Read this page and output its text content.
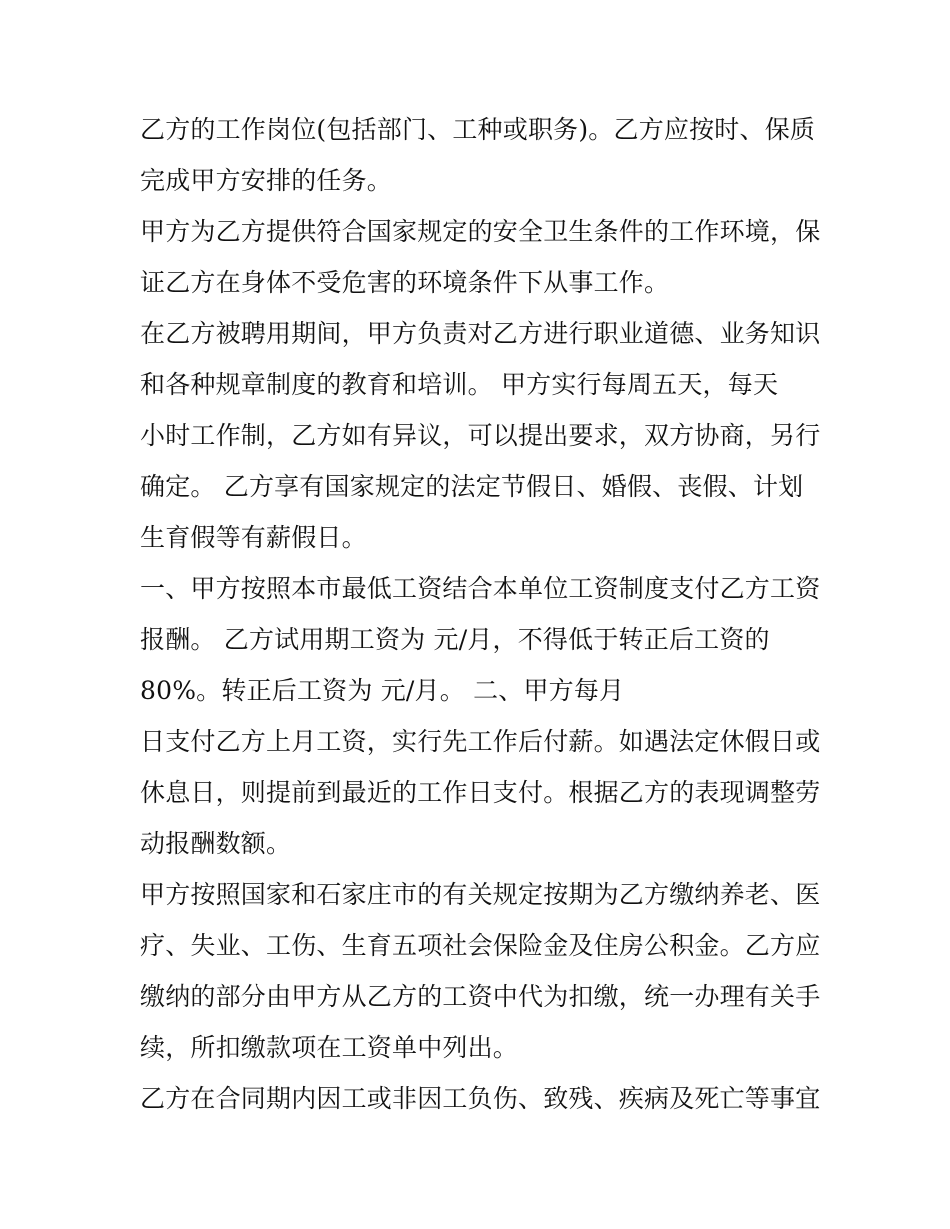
乙方的工作岗位(包括部门、工种或职务)。乙方应按时、保质
完成甲方安排的任务。
甲方为乙方提供符合国家规定的安全卫生条件的工作环境，保
证乙方在身体不受危害的环境条件下从事工作。
在乙方被聘用期间，甲方负责对乙方进行职业道德、业务知识
和各种规章制度的教育和培训。 甲方实行每周五天，每天
小时工作制，乙方如有异议，可以提出要求，双方协商，另行
确定。 乙方享有国家规定的法定节假日、婚假、丧假、计划
生育假等有薪假日。
一、甲方按照本市最低工资结合本单位工资制度支付乙方工资
报酬。 乙方试用期工资为 元/月，不得低于转正后工资的
80%。转正后工资为 元/月。 二、甲方每月
日支付乙方上月工资，实行先工作后付薪。如遇法定休假日或
休息日，则提前到最近的工作日支付。根据乙方的表现调整劳
动报酬数额。
甲方按照国家和石家庄市的有关规定按期为乙方缴纳养老、医
疗、失业、工伤、生育五项社会保险金及住房公积金。乙方应
缴纳的部分由甲方从乙方的工资中代为扣缴，统一办理有关手
续，所扣缴款项在工资单中列出。
乙方在合同期内因工或非因工负伤、致残、疾病及死亡等事宜
